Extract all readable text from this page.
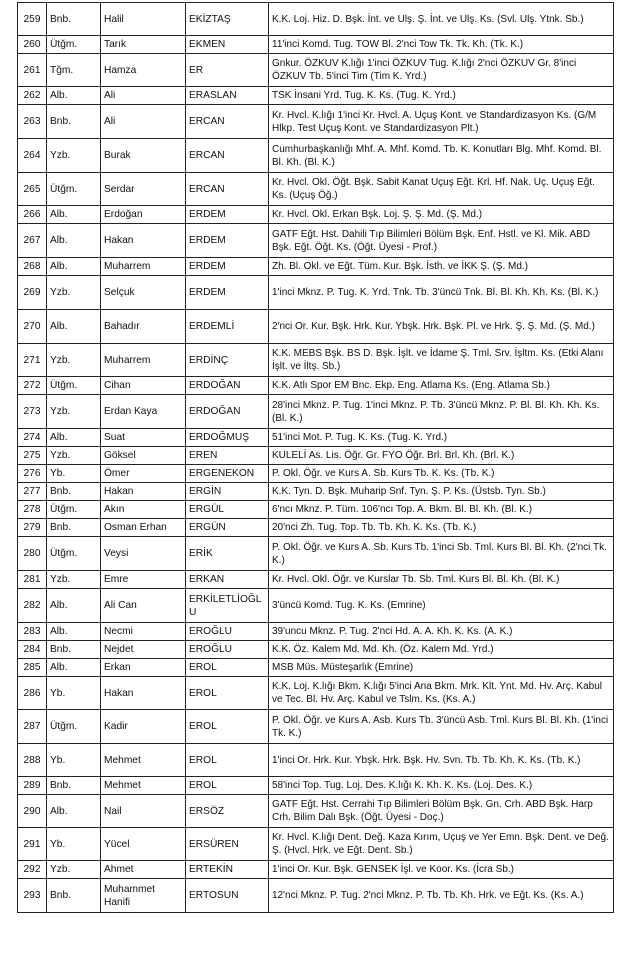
259	Bnb.	Halil	EKİZTAŞ	K.K. Loj. Hiz. D. Bşk. İnt. ve Ulş. Ş. İnt. ve Ulş. Ks. (Svl. Ulş. Ytnk. Sb.)
260	Ütğm.	Tarık	EKMEN	11'inci Komd. Tug. TOW Bl. 2'nci Tow Tk. Tk. Kh. (Tk. K.)
261	Tğm.	Hamza	ER	Gnkur. ÖZKUV K.lığı 1'inci ÖZKUV Tug. K.lığı 2'nci ÖZKUV Gr. 8'inci ÖZKUV Tb. 5'inci Tim (Tim K. Yrd.)
262	Alb.	Ali	ERASLAN	TSK İnsani Yrd. Tug. K. Ks. (Tug. K. Yrd.)
263	Bnb.	Ali	ERCAN	Kr. Hvcl. K.lığı 1'inci Kr. Hvcl. A. Uçuş Kont. ve Standardizasyon Ks. (G/M Hlkp. Test Uçuş Kont. ve Standardizasyon Plt.)
264	Yzb.	Burak	ERCAN	Cumhurbaşkanlığı Mhf. A. Mhf. Komd. Tb. K. Konutları Blg. Mhf. Komd. Bl. Bl. Kh. (Bl. K.)
265	Ütğm.	Serdar	ERCAN	Kr. Hvcl. Okl. Öğt. Bşk. Sabit Kanat Uçuş Eğt. Krl. Hf. Nak. Uç. Uçuş Eğt. Ks. (Uçuş Öğ.)
266	Alb.	Erdoğan	ERDEM	Kr. Hvcl. Okl. Erkan Bşk. Loj. Ş. Ş. Md. (Ş. Md.)
267	Alb.	Hakan	ERDEM	GATF Eğt. Hst. Dahili Tıp Bilimleri Bölüm Bşk. Enf. Hstl. ve Kl. Mik. ABD Bşk. Eğt. Öğt. Ks. (Öğt. Üyesi - Prof.)
268	Alb.	Muharrem	ERDEM	Zh. Bl. Okl. ve Eğt. Tüm. Kur. Bşk. İsth. ve İKK Ş. (Ş. Md.)
269	Yzb.	Selçuk	ERDEM	1'inci Mknz. P. Tug. K. Yrd. Tnk. Tb. 3'üncü Tnk. Bl. Bl. Kh. Kh. Ks. (Bl. K.)
270	Alb.	Bahadır	ERDEMLİ	2'nci Or. Kur. Bşk. Hrk. Kur. Ybşk. Hrk. Bşk. Pl. ve Hrk. Ş. Ş. Md. (Ş. Md.)
271	Yzb.	Muharrem	ERDİNÇ	K.K. MEBS Bşk. BS D. Bşk. İşlt. ve İdame Ş. Tml. Srv. İşltm. Ks. (Etki Alanı İşlt. ve İltş. Sb.)
272	Ütğm.	Cihan	ERDOĞAN	K.K. Atlı Spor EM Bnc. Ekp. Eng. Atlama Ks. (Eng. Atlama Sb.)
273	Yzb.	Erdan Kaya	ERDOĞAN	28'inci Mknz. P. Tug. 1'inci Mknz. P. Tb. 3'üncü Mknz. P. Bl. Bl. Kh. Kh. Ks. (Bl. K.)
274	Alb.	Suat	ERDOĞMUŞ	51'inci Mot. P. Tug. K. Ks. (Tug. K. Yrd.)
275	Yzb.	Göksel	EREN	KULELİ As. Lis. Öğr. Gr. FYO Öğr. Brl. Brl. Kh. (Brl. K.)
276	Yb.	Ömer	ERGENEKON	P. Okl. Öğr. ve Kurs A. Sb. Kurs Tb. K. Ks. (Tb. K.)
277	Bnb.	Hakan	ERGİN	K.K. Tyn. D. Bşk. Muharip Snf. Tyn. Ş. P. Ks. (Üstsb. Tyn. Sb.)
278	Ütğm.	Akın	ERGÜL	6'ncı Mknz. P. Tüm. 106'ncı Top. A. Bkm. Bl. Bl. Kh. (Bl. K.)
279	Bnb.	Osman Erhan	ERGÜN	20'nci Zh. Tug. Top. Tb. Tb. Kh. K. Ks. (Tb. K.)
280	Ütğm.	Veysi	ERİK	P. Okl. Öğr. ve Kurs A. Sb. Kurs Tb. 1'inci Sb. Tml. Kurs Bl. Bl. Kh. (2'nci Tk. K.)
281	Yzb.	Emre	ERKAN	Kr. Hvcl. Okl. Öğr. ve Kurslar Tb. Sb. Tml. Kurs Bl. Bl. Kh. (Bl. K.)
282	Alb.	Ali Can	ERKİLETLİOĞLU	3'üncü Komd. Tug. K. Ks. (Emrine)
283	Alb.	Necmi	EROĞLU	39'uncu Mknz. P. Tug. 2'nci Hd. A. A. Kh. K. Ks. (A. K.)
284	Bnb.	Nejdet	EROĞLU	K.K. Öz. Kalem Md. Md. Kh. (Öz. Kalem Md. Yrd.)
285	Alb.	Erkan	EROL	MSB Müs. Müsteşarlık (Emrine)
286	Yb.	Hakan	EROL	K.K. Loj. K.lığı Bkm. K.lığı 5'inci Ana Bkm. Mrk. Klt. Ynt. Md. Hv. Arç. Kabul ve Tec. Bl. Hv. Arç. Kabul ve Tslm. Ks. (Ks. A.)
287	Ütğm.	Kadir	EROL	P. Okl. Öğr. ve Kurs A. Asb. Kurs Tb. 3'üncü Asb. Tml. Kurs Bl. Bl. Kh. (1'inci Tk. K.)
288	Yb.	Mehmet	EROL	1'inci Or. Hrk. Kur. Ybşk. Hrk. Bşk. Hv. Svn. Tb. Tb. Kh. K. Ks. (Tb. K.)
289	Bnb.	Mehmet	EROL	58'inci Top. Tug. Loj. Des. K.lığı K. Kh. K. Ks. (Loj. Des. K.)
290	Alb.	Nail	ERSÖZ	GATF Eğt. Hst. Cerrahi Tıp Bilimleri Bölüm Bşk. Gn. Crh. ABD Bşk. Harp Crh. Bilim Dalı Bşk. (Öğt. Üyesi - Doç.)
291	Yb.	Yücel	ERSÜREN	Kr. Hvcl. K.lığı Dent. Değ. Kaza Kırım, Uçuş ve Yer Emn. Bşk. Dent. ve Değ. Ş. (Hvcl. Hrk. ve Eğt. Dent. Sb.)
292	Yzb.	Ahmet	ERTEKİN	1'inci Or. Kur. Bşk. GENSEK İşl. ve Koor. Ks. (İcra Sb.)
293	Bnb.	Muhammet Hanifi	ERTOSUN	12'nci Mknz. P. Tug. 2'nci Mknz. P. Tb. Tb. Kh. Hrk. ve Eğt. Ks. (Ks. A.)
